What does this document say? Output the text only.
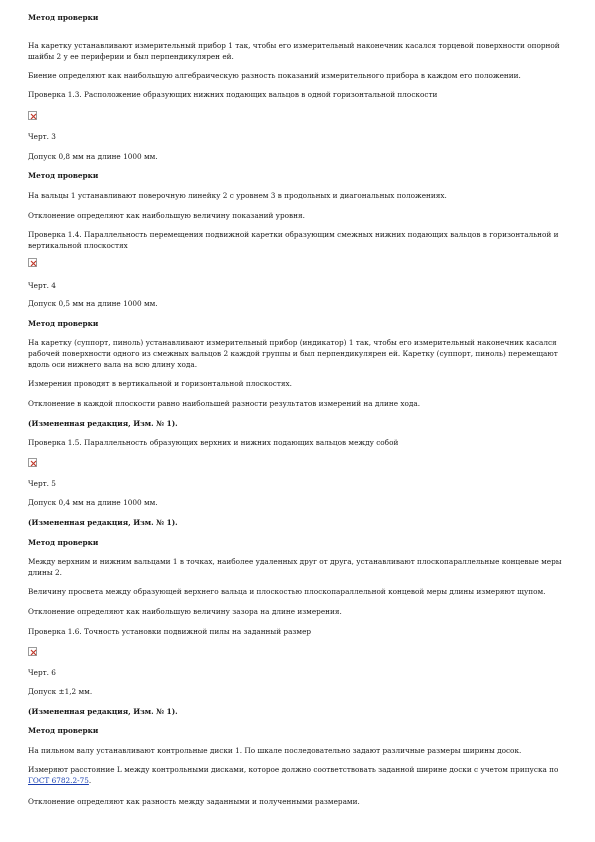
Метод проверки
На каретку устанавливают измерительный прибор 1 так, чтобы его измерительный наконечник касался торцевой поверхности опорной шайбы 2 у ее периферии и был перпендикулярен ей.
Биение определяют как наибольшую алгебраическую разность показаний измерительного прибора в каждом его положении.
Проверка 1.3. Расположение образующих нижних подающих вальцов в одной горизонтальной плоскости
Черт. 3
Допуск 0,8 мм на длине 1000 мм.
Метод проверки
На вальцы 1 устанавливают поверочную линейку 2 с уровнем 3 в продольных и диагональных положениях.
Отклонение определяют как наибольшую величину показаний уровня.
Проверка 1.4. Параллельность перемещения подвижной каретки образующим смежных нижних подающих вальцов в горизонтальной и вертикальной плоскостях
Черт. 4
Допуск 0,5 мм на длине 1000 мм.
Метод проверки
На каретку (суппорт, пиноль) устанавливают измерительный прибор (индикатор) 1 так, чтобы его измерительный наконечник касался рабочей поверхности одного из смежных вальцов 2 каждой группы и был перпендикулярен ей. Каретку (суппорт, пиноль) перемещают вдоль оси нижнего вала на всю длину хода.
Измерения проводят в вертикальной и горизонтальной плоскостях.
Отклонение в каждой плоскости равно наибольшей разности результатов измерений на длине хода.
(Измененная редакция, Изм. № 1).
Проверка 1.5. Параллельность образующих верхних и нижних подающих вальцов между собой
Черт. 5
Допуск 0,4 мм на длине 1000 мм.
(Измененная редакция, Изм. № 1).
Метод проверки
Между верхним и нижним вальцами 1 в точках, наиболее удаленных друг от друга, устанавливают плоскопараллельные концевые меры длины 2.
Величину просвета между образующей верхнего вальца и плоскостью плоскопараллельной концевой меры длины измеряют щупом.
Отклонение определяют как наибольшую величину зазора на длине измерения.
Проверка 1.6. Точность установки подвижной пилы на заданный размер
Черт. 6
Допуск ±1,2 мм.
(Измененная редакция, Изм. № 1).
Метод проверки
На пильном валу устанавливают контрольные диски 1. По шкале последовательно задают различные размеры ширины досок.
Измеряют расстояние L между контрольными дисками, которое должно соответствовать заданной ширине доски с учетом припуска по ГОСТ 6782.2-75.
Отклонение определяют как разность между заданными и полученными размерами.
